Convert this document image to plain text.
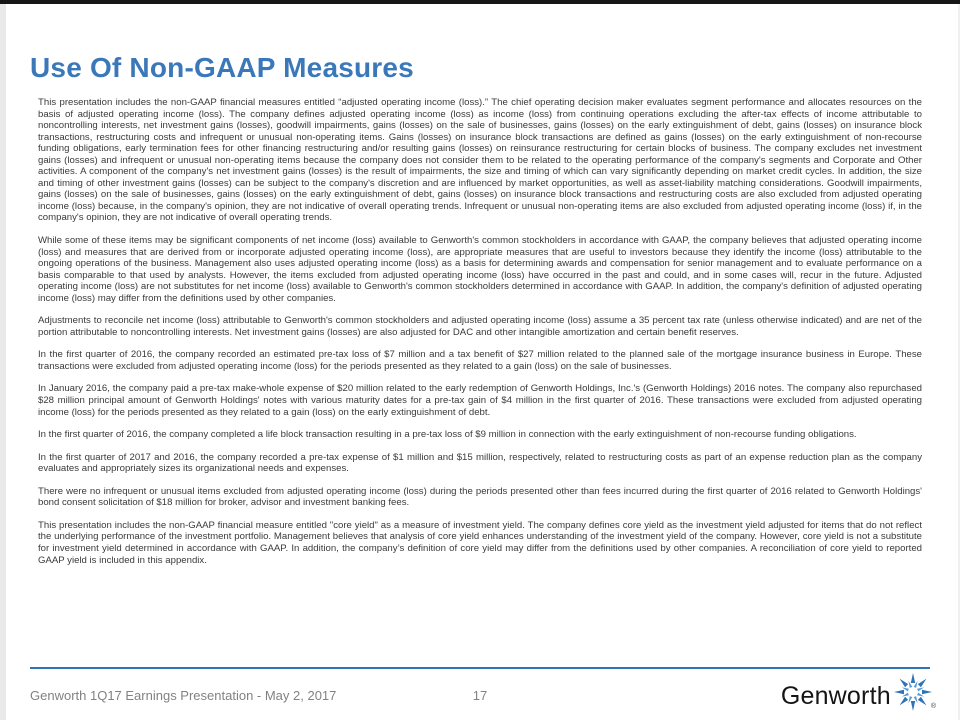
Use Of Non-GAAP Measures

This presentation includes the non-GAAP financial measures entitled “adjusted operating income (loss).” The chief operating decision maker evaluates segment performance and allocates resources on the basis of adjusted operating income (loss). The company defines adjusted operating income (loss) as income (loss) from continuing operations excluding the after-tax effects of income attributable to noncontrolling interests, net investment gains (losses), goodwill impairments, gains (losses) on the sale of businesses, gains (losses) on the early extinguishment of debt, gains (losses) on insurance block transactions, restructuring costs and infrequent or unusual non-operating items. Gains (losses) on insurance block transactions are defined as gains (losses) on the early extinguishment of non-recourse funding obligations, early termination fees for other financing restructuring and/or resulting gains (losses) on reinsurance restructuring for certain blocks of business. The company excludes net investment gains (losses) and infrequent or unusual non-operating items because the company does not consider them to be related to the operating performance of the company's segments and Corporate and Other activities. A component of the company's net investment gains (losses) is the result of impairments, the size and timing of which can vary significantly depending on market credit cycles. In addition, the size and timing of other investment gains (losses) can be subject to the company's discretion and are influenced by market opportunities, as well as asset-liability matching considerations. Goodwill impairments, gains (losses) on the sale of businesses, gains (losses) on the early extinguishment of debt, gains (losses) on insurance block transactions and restructuring costs are also excluded from adjusted operating income (loss) because, in the company's opinion, they are not indicative of overall operating trends. Infrequent or unusual non-operating items are also excluded from adjusted operating income (loss) if, in the company's opinion, they are not indicative of overall operating trends.

While some of these items may be significant components of net income (loss) available to Genworth's common stockholders in accordance with GAAP, the company believes that adjusted operating income (loss) and measures that are derived from or incorporate adjusted operating income (loss), are appropriate measures that are useful to investors because they identify the income (loss) attributable to the ongoing operations of the business. Management also uses adjusted operating income (loss) as a basis for determining awards and compensation for senior management and to evaluate performance on a basis comparable to that used by analysts. However, the items excluded from adjusted operating income (loss) have occurred in the past and could, and in some cases will, recur in the future. Adjusted operating income (loss) are not substitutes for net income (loss) available to Genworth's common stockholders determined in accordance with GAAP. In addition, the company's definition of adjusted operating income (loss) may differ from the definitions used by other companies.

Adjustments to reconcile net income (loss) attributable to Genworth's common stockholders and adjusted operating income (loss) assume a 35 percent tax rate (unless otherwise indicated) and are net of the portion attributable to noncontrolling interests. Net investment gains (losses) are also adjusted for DAC and other intangible amortization and certain benefit reserves.

In the first quarter of 2016, the company recorded an estimated pre-tax loss of $7 million and a tax benefit of $27 million related to the planned sale of the mortgage insurance business in Europe. These transactions were excluded from adjusted operating income (loss) for the periods presented as they related to a gain (loss) on the sale of businesses.

In January 2016, the company paid a pre-tax make-whole expense of $20 million related to the early redemption of Genworth Holdings, Inc.'s (Genworth Holdings) 2016 notes. The company also repurchased $28 million principal amount of Genworth Holdings' notes with various maturity dates for a pre-tax gain of $4 million in the first quarter of 2016. These transactions were excluded from adjusted operating income (loss) for the periods presented as they related to a gain (loss) on the early extinguishment of debt.

In the first quarter of 2016, the company completed a life block transaction resulting in a pre-tax loss of $9 million in connection with the early extinguishment of non-recourse funding obligations.

In the first quarter of 2017 and 2016, the company recorded a pre-tax expense of $1 million and $15 million, respectively, related to restructuring costs as part of an expense reduction plan as the company evaluates and appropriately sizes its organizational needs and expenses.

There were no infrequent or unusual items excluded from adjusted operating income (loss) during the periods presented other than fees incurred during the first quarter of 2016 related to Genworth Holdings' bond consent solicitation of $18 million for broker, advisor and investment banking fees.

This presentation includes the non-GAAP financial measure entitled "core yield" as a measure of investment yield. The company defines core yield as the investment yield adjusted for items that do not reflect the underlying performance of the investment portfolio. Management believes that analysis of core yield enhances understanding of the investment yield of the company. However, core yield is not a substitute for investment yield determined in accordance with GAAP. In addition, the company’s definition of core yield may differ from the definitions used by other companies. A reconciliation of core yield to reported GAAP yield is included in this appendix.

Genworth 1Q17 Earnings Presentation - May 2, 2017	17	Genworth	®
